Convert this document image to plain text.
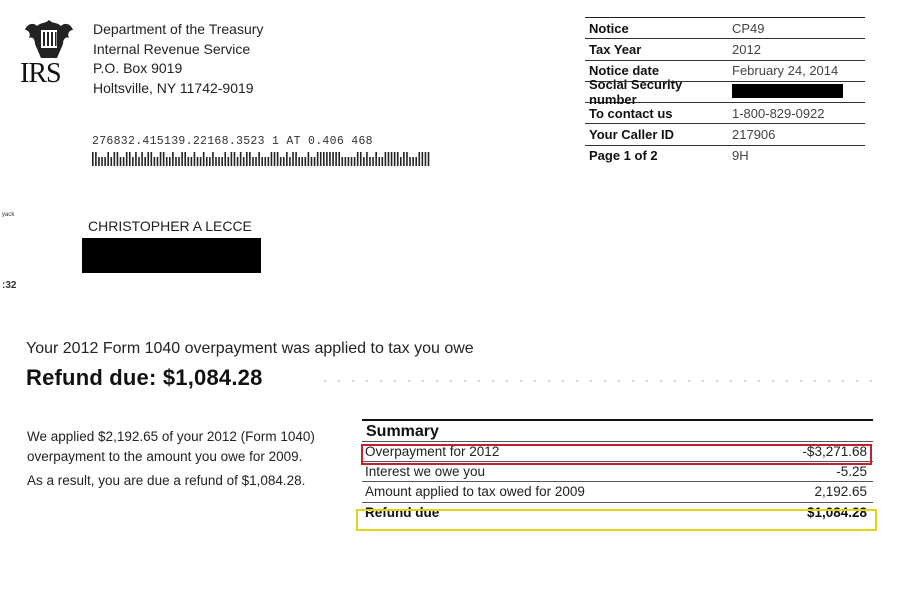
IRS
Department of the Treasury
Internal Revenue Service
P.O. Box 9019
Holtsville, NY 11742-9019
276832.415139.22168.3523 1 AT 0.406 468
ʸᵃᶜᵏ
:32
CHRISTOPHER A LECCE
Notice	CP49
Tax Year	2012
Notice date	February 24, 2014
Social Security number
To contact us	1-800-829-0922
Your Caller ID	217906
Page 1 of 2	9H
Your 2012 Form 1040 overpayment was applied to tax you owe
Refund due: $1,084.28

We applied $2,192.65 of your 2012 (Form 1040) overpayment to the amount you owe for 2009.

As a result, you are due a refund of $1,084.28.

Summary
Overpayment for 2012	-$3,271.68
Interest we owe you	-5.25
Amount applied to tax owed for 2009	2,192.65
Refund due	$1,084.28
